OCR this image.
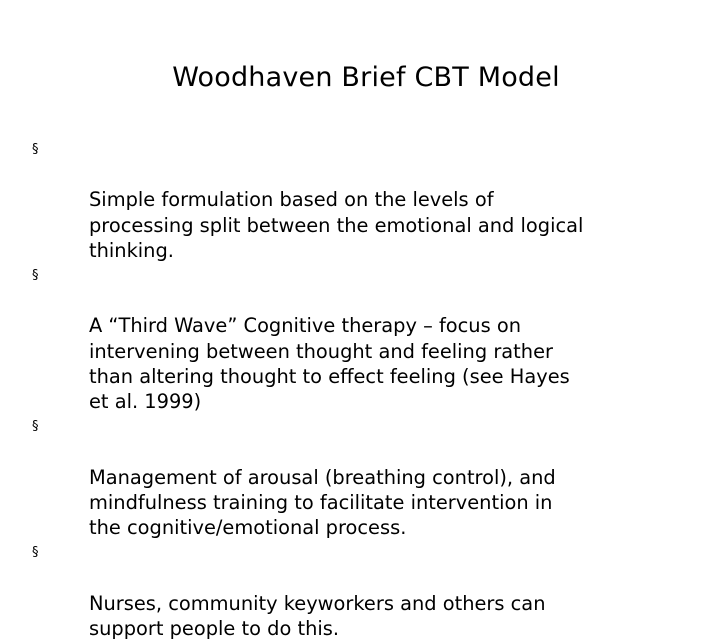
Woodhaven Brief CBT Model

§

Simple formulation based on the levels of
processing split between the emotional and logical
thinking.

§

A “Third Wave” Cognitive therapy – focus on
intervening between thought and feeling rather
than altering thought to effect feeling (see Hayes
et al. 1999)

§

Management of arousal (breathing control), and
mindfulness training to facilitate intervention in
the cognitive/emotional process.

§

Nurses, community keyworkers and others can
support people to do this.
